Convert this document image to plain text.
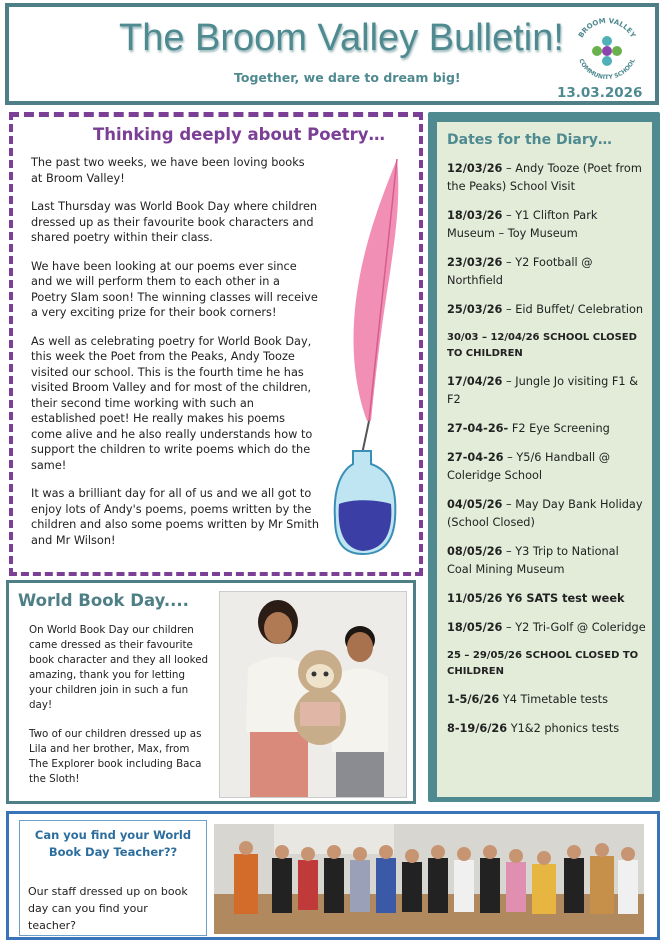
The Broom Valley Bulletin!
Together, we dare to dream big!
13.03.2026
BROOM VALLEY
COMMUNITY SCHOOL
Thinking deeply about Poetry…

The past two weeks, we have been loving books at Broom Valley!

Last Thursday was World Book Day where children dressed up as their favourite book characters and shared poetry within their class.

We have been looking at our poems ever since and we will perform them to each other in a Poetry Slam soon! The winning classes will receive a very exciting prize for their book corners!

As well as celebrating poetry for World Book Day, this week the Poet from the Peaks, Andy Tooze visited our school. This is the fourth time he has visited Broom Valley and for most of the children, their second time working with such an established poet! He really makes his poems come alive and he also really understands how to support the children to write poems which do the same!

It was a brilliant day for all of us and we all got to enjoy lots of Andy's poems, poems written by the children and also some poems written by Mr Smith and Mr Wilson!

Dates for the Diary…
12/03/26 – Andy Tooze (Poet from the Peaks) School Visit
18/03/26 – Y1 Clifton Park Museum – Toy Museum
23/03/26 – Y2 Football @ Northfield
25/03/26 – Eid Buffet/ Celebration
30/03 – 12/04/26 SCHOOL CLOSED TO CHILDREN
17/04/26 – Jungle Jo visiting F1 & F2
27-04-26- F2 Eye Screening
27-04-26 – Y5/6 Handball @ Coleridge School
04/05/26 – May Day Bank Holiday (School Closed)
08/05/26 – Y3 Trip to National Coal Mining Museum
11/05/26 Y6 SATS test week
18/05/26 – Y2 Tri-Golf @ Coleridge
25 – 29/05/26 SCHOOL CLOSED TO CHILDREN
1-5/6/26 Y4 Timetable tests
8-19/6/26 Y1&2 phonics tests
World Book Day....

On World Book Day our children came dressed as their favourite book character and they all looked amazing, thank you for letting your children join in such a fun day!

Two of our children dressed up as Lila and her brother, Max, from The Explorer book including Baca the Sloth!

Can you find your World Book Day Teacher??

Our staff dressed up on book day can you find your teacher?
